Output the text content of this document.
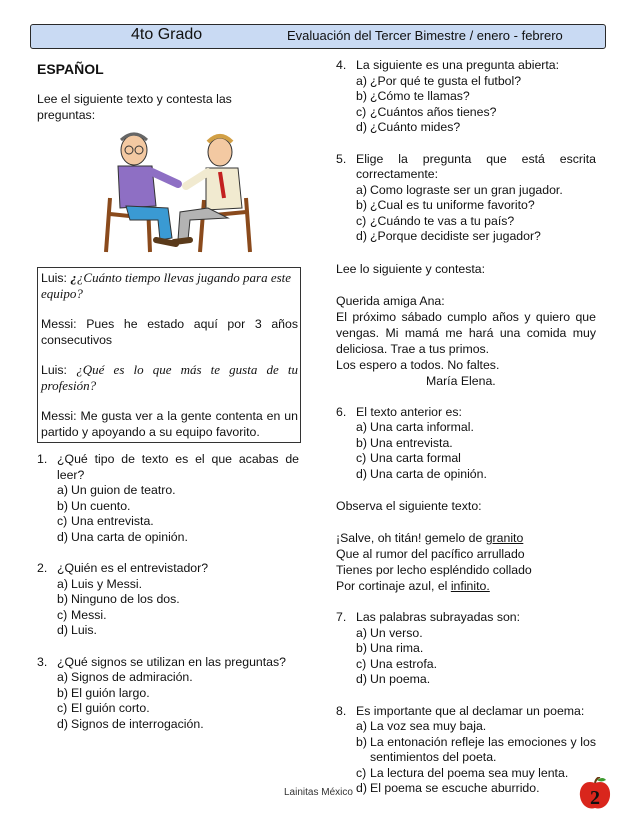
4to Grado	Evaluación del Tercer Bimestre / enero - febrero

ESPAÑOL

Lee el siguiente texto y contesta las preguntas:

Luis: ¿¿Cuánto tiempo llevas jugando para este equipo?

Messi: Pues he estado aquí por 3 años consecutivos

Luis: ¿Qué es lo que más te gusta de tu profesión?

Messi: Me gusta ver a la gente contenta en un partido y apoyando a su equipo favorito.

1. ¿Qué tipo de texto es el que acabas de leer?
a) Un guion de teatro.
b) Un cuento.
c) Una entrevista.
d) Una carta de opinión.
2. ¿Quién es el entrevistador?
a) Luis y Messi.
b) Ninguno de los dos.
c) Messi.
d) Luis.
3. ¿Qué signos se utilizan en las preguntas?
a) Signos de admiración.
b) El guión largo.
c) El guión corto.
d) Signos de interrogación.
4. La siguiente es una pregunta abierta:
a) ¿Por qué te gusta el futbol?
b) ¿Cómo te llamas?
c) ¿Cuántos años tienes?
d) ¿Cuánto mides?
5. Elige la pregunta que está escrita correctamente:
a) Como lograste ser un gran jugador.
b) ¿Cual es tu uniforme favorito?
c) ¿Cuándo te vas a tu país?
d) ¿Porque decidiste ser jugador?

Lee lo siguiente y contesta:

Querida amiga Ana:

El próximo sábado cumplo años y quiero que vengas. Mi mamá me hará una comida muy deliciosa. Trae a tus primos.

Los espero a todos. No faltes.

María Elena.

6. El texto anterior es:
a) Una carta informal.
b) Una entrevista.
c) Una carta formal
d) Una carta de opinión.

Observa el siguiente texto:

¡Salve, oh titán! gemelo de granito

Que al rumor del pacífico arrullado

Tienes por lecho espléndido collado

Por cortinaje azul, el infinito.

7. Las palabras subrayadas son:
a) Un verso.
b) Una rima.
c) Una estrofa.
d) Un poema.
8. Es importante que al declamar un poema:
a) La voz sea muy baja.
b) La entonación refleje las emociones y los sentimientos del poeta.
c) La lectura del poema sea muy lenta.
d) El poema se escuche aburrido.
Lainitas México	2
